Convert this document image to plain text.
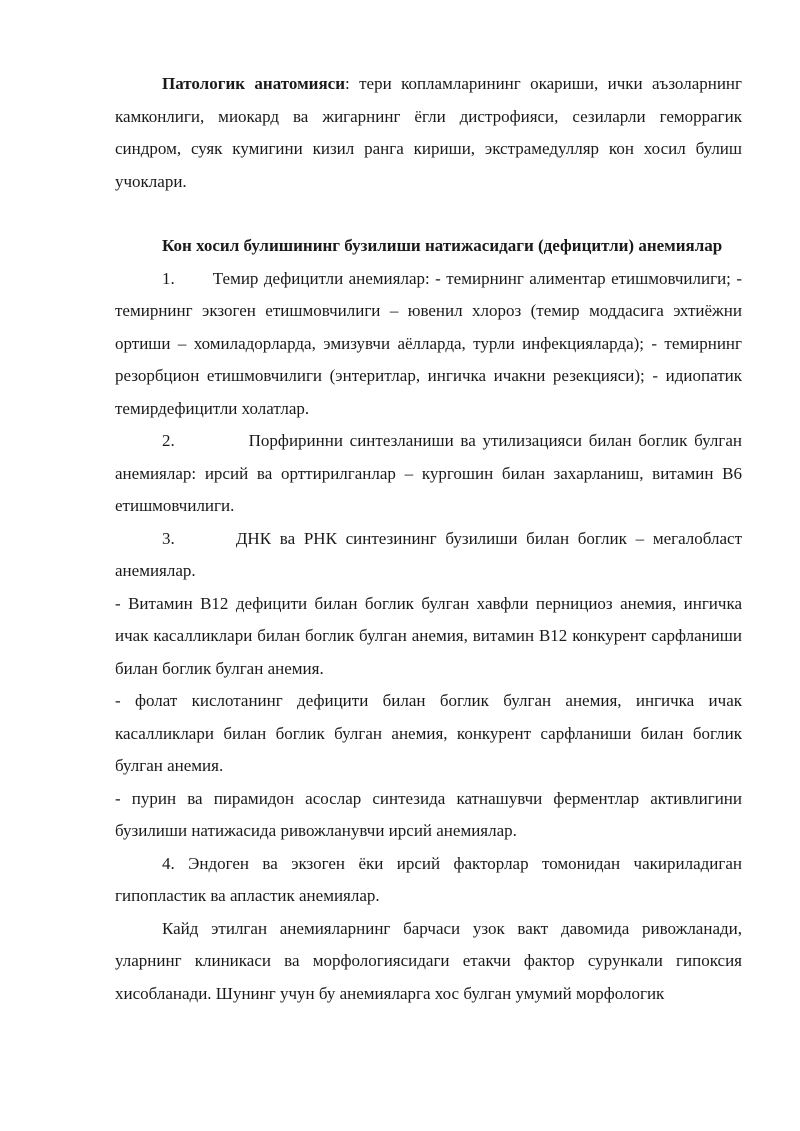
Патологик анатомияси: тери копламларининг окариши, ички аъзоларнинг камконлиги, миокард ва жигарнинг ёгли дистрофияси, сезиларли геморрагик синдром, суяк кумигини кизил ранга кириши, экстрамедулляр кон хосил булиш учоклари.

Кон хосил булишининг бузилиши натижасидаги (дефицитли) анемиялар

1.       Темир дефицитли анемиялар: - темирнинг алиментар етишмовчилиги; - темирнинг экзоген етишмовчилиги – ювенил хлороз (темир моддасига эхтиёжни ортиши – хомиладорларда, эмизувчи аёлларда, турли инфекцияларда); - темирнинг резорбцион етишмовчилиги (энтеритлар, ингичка ичакни резекцияси); - идиопатик темирдефицитли холатлар.

2.           Порфиринни синтезланиши ва утилизацияси билан боглик булган анемиялар: ирсий ва орттирилганлар – кургошин билан захарланиш, витамин В6 етишмовчилиги.

3.       ДНК ва РНК синтезининг бузилиши билан боглик – мегалобласт анемиялар.

- Витамин В12 дефицити билан боглик булган хавфли пернициоз анемия, ингичка ичак касалликлари билан боглик булган анемия, витамин В12 конкурент сарфланиши билан боглик булган анемия.

- фолат кислотанинг дефицити билан боглик булган анемия, ингичка ичак касалликлари билан боглик булган анемия, конкурент сарфланиши билан боглик булган анемия.

- пурин ва пирамидон асослар синтезида катнашувчи ферментлар активлигини бузилиши натижасида ривожланувчи ирсий анемиялар.

4. Эндоген ва экзоген ёки ирсий факторлар томонидан чакириладиган гипопластик ва апластик анемиялар.

Кайд этилган анемияларнинг барчаси узок вакт давомида ривожланади, уларнинг клиникаси ва морфологиясидаги етакчи фактор сурункали гипоксия хисобланади. Шунинг учун бу анемияларга хос булган умумий морфологик
